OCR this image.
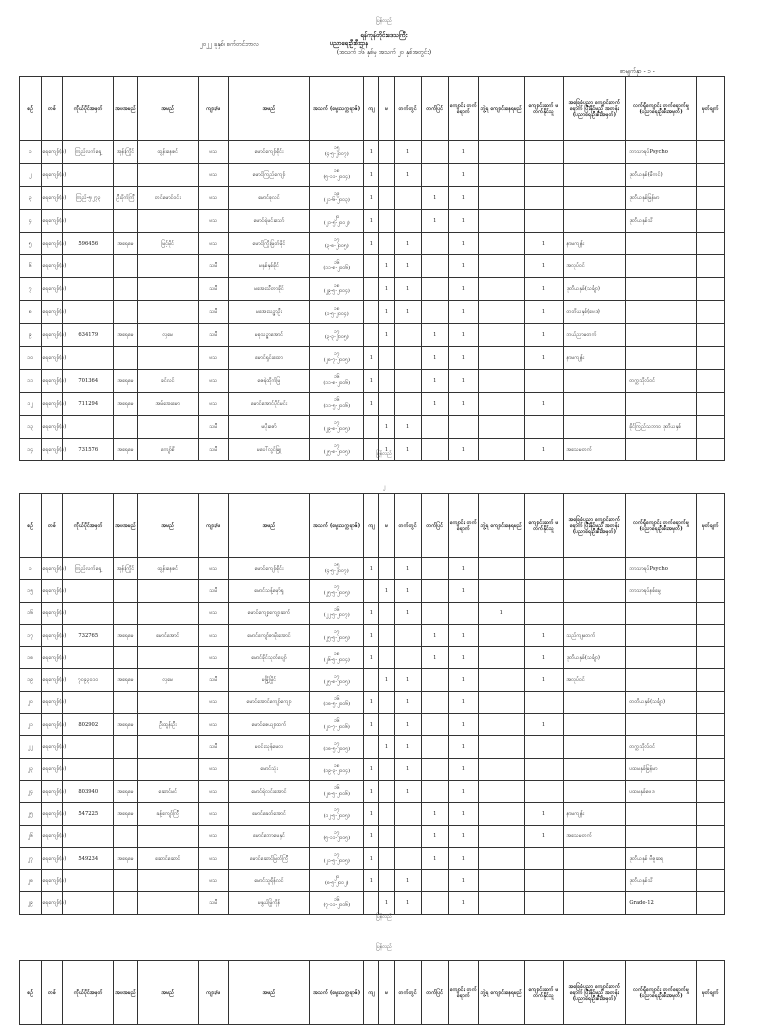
ပြန်လည်
ရန်ကုန်တိုင်းဒေသကြီး
၂၀၂၂ ခုနှစ်၊ စက်တင်ဘာလ	ပညာရေးဦးစီးဌာန
(အသက် ၁၆ နှစ်မှ အသက် ၂၀ နှစ်အတွင်း)
စာမျက်နှာ - ၁ -
စဉ်	တစ်	ကိုယ်ပိုင်အမှတ်	အဖအမည်	အမည်	ကျား/မ	အမည်	အသက် (မွေးသက္ကရာဇ်)	ကျ	မ	တက်တွင်	တက်ပြင်	ကျောင်း တက်ရောက်	ဘွဲ့ရ ကျောင်းနေရမည်	ကျောင်းဆက် မတက်နိုင်သူ	အခြေခံပညာ ကျောင်းတက်ရောက် ပြီးနိုင်မည့် အတန်း (ပညာရေးဦးစီးအမှတ်)	လက်ရှိကျောင်း တက်ရောက်မှု (ပညာရေးဦးစီးအမှတ်)	မှတ်ချက်
၁	ရေကျော်(၁)	ကြည်လက်ရှေ့	အုန်းကြိုင်	ထွန်းနေဇင်	ဗသ	မောင်ကျော်စိုင်း	၁၅
(၄-၅-၂၀၀၇)	1		1		1				ဘာသာရပ်Psycho	
၂	ရေကျော်(၁)				ဗသ	မောင်ကြည်ကျော်	၁၈
(၅-၁၁-၂၀၀၄)	1		1		1				ဒုတိယနှစ်(မီကင်)	
၃	ရေကျော်(၁)	ကြည်-၅၊၂၇၃	ဦးပိုက်ကြီ	တင်မောင်ဝင်း	ဗသ	မောင်စုလင်	၁၉
(၂၁-၆-၂၀၀၃)	1			1	1				ဒုတိယနှစ်မြန်မာ	
၄	ရေကျော်(၁)				ဗသ	မောင်ရဲမင်းသော်	၂၀
(၂၁-၅-၂၀၀၂)	1			1	1				ဒုတိယနှစ်သိ	
၅	ရေကျော်(၁)	596456	အရေမေ	မြင့်မိုင်	ဗသ	မောင်ကြိုးမြတ်မိုင်	၁၇
(၃-၈-၂၀၀၅)	1		1		1		1	နာမကျန်း		
၆	ရေကျော်(၁)				သမီ	မနှစ်နှစ်ခိုင်	၁၆
(၁၁-၈-၂၀၀၆)		1	1		1		1	အလုပ်ဝင်		
၇	ရေကျော်(၁)				သမီ	မအေးသီတာခိုင်	၁၈
(၂၉-၅-၂၀၀၄)		1	1		1		1	ဒုတိယနှစ်(သင်္ချာ)		
၈	ရေကျော်(၁)				သမီ	မအေးသဉ္ဇာဦး	၁၈
(၁-၅-၂၀၀၄)		1	1		1		1	တတိယနှစ်(ဗေဒ)		
၉	ရေကျော်(၁)	634179	အရေမေ	လှမေ	သမီ	မစုသဉ္ဇာအောင်	၁၇
(၃-၃-၂၀၀၅)		1		1	1		1	ဘယ်ညာမတက်		
၁၀	ရေကျော်(၁)				ဗသ	မောင်ရှင်းထော	၁၇
(၂၈-၇-၂၀၀၅)	1			1	1		1	နာမကျန်း		
၁၁	ရေကျော်(၁)	701364	အရေမေ	ခင်လင်	ဗသ	ဇေရဲထိုက်မြ	၁၆
(၁၁-၈-၂၀၀၆)	1			1	1				တက္ကသိုလ်ဝင်	
၁၂	ရေကျော်(၁)	711294	အရေမေ	အမ်အေးမော	ဗသ	မောင်အောင်ပိုင်မင်း	၁၆
(၁၁-၅-၂၀၀၆)	1			1	1		1			
၁၃	ရေကျော်(၁)				သမီ	မပိုးဇော်	၁၇
(၂၉-၈-၂၀၀၅)		1	1						ခိုင်ကြည်သဘာဝ ဒုတိယနှစ်	
၁၄	ရေကျော်(၁)	731576	အရေမေ	ကျော်စိ	သမီ	မပေါ်လွင်မြူ	၁၇
(၂၅-၈-၂၀၀၅)		1	1		1		1	အသေမတက်		
ပြန်လည်
၂
စဉ်	တစ်	ကိုယ်ပိုင်အမှတ်	အဖအမည်	အမည်	ကျား/မ	အမည်	အသက် (မွေးသက္ကရာဇ်)	ကျ	မ	တက်တွင်	တက်ပြင်	ကျောင်း တက်ရောက်	ဘွဲ့ရ ကျောင်းနေရမည်	ကျောင်းဆက် မတက်နိုင်သူ	အခြေခံပညာ ကျောင်းတက်ရောက် ပြီးနိုင်မည့် အတန်း (ပညာရေးဦးစီးအမှတ်)	လက်ရှိကျောင်း တက်ရောက်မှု (ပညာရေးဦးစီးအမှတ်)	မှတ်ချက်
၁	ရေကျော်(၁)	ကြည်လက်ရှေ့	အုန်းကြိုင်	ထွန်းနေဇင်	ဗသ	မောင်ကျော်စိုင်း	၁၅
(၄-၅-၂၀၀၇)	1		1		1				ဘာသာရပ်Psycho	
၁၅	ရေကျော်(၁)				သမီ	မောင်သန့်မှော်ရှ	၁၇
(၂၅-၅-၂၀၀၅)		1	1		1				ဘာသာရပ်နစ်မွေ	
၁၆	ရေကျော်(၁)				ဗသ	မောင်ကျော့ကျော့ဆက်	၁၆
(၂၂-၅-၂၀၀၇)	1		1			1				
၁၇	ရေကျော်(၁)	732765	အရေမေ	မောင်အောင်	ဗသ	မောင်ကျော်စာမိုးအောင်	၁၇
(၂၅-၅-၂၀၀၅)	1			1	1		1	သည်ကျမတက်		
၁၈	ရေကျော်(၁)				ဗသ	မောင်ခိုင်သုတ်ပျော်	၁၈
(၂၆-၅-၂၀၀၄)	1			1	1		1	ဒုတိယနှစ်(သင်္ချာ)		
၁၉	ရေကျော်(၁)	၇၀၉၃၀၁၀	အရေမေ	လှမေ	သမီ	မမြို့မြိုင်	၁၇
(၂၅-၈-၂၀၀၅)		1	1		1		1	အလုပ်ဝင်		
၂၀	ရေကျော်(၁)				ဗသ	မောင်အောင်ကျော်ကျော	၁၆
(၁၈-၅-၂၀၀၆)	1		1		1				တတိယနှစ်(သင်္ချာ)	
၂၁	ရေကျော်(၁)	802902	အရေမေ	ဦးထွန်းဦး	ဗသ	မောင်ဇေယျာထက်	၁၆
(၂၀-၇-၂၀၀၆)	1		1		1		1			
၂၂	ရေကျော်(၁)				သမီ	မဝင်းသုန်မေလ	၁၇
(၁၈-၅-၂၀၀၅)		1	1		1				တက္ကသိုလ်ဝင်	
၂၃	ရေကျော်(၁)				ဗသ	မောင်သုံး	၁၈
(၁၉-၃-၂၀၀၄)	1		1		1				ပထမနှစ်မြန်မာ	
၂၄	ရေကျော်(၁)	803940	အရေမေ	ဆောင်မင်	ဗသ	မောင်ရဲလင်းအောင်	၁၆
(၂၈-၅-၂၀၀၆)	1		1		1				ပထမနှစ်ဗေဒ	
၂၅	ရေကျော်(၁)	547225	အရေမေ	ခန့်ကျော်ကြီ	ဗသ	မောင်ခေတ်အောင်	၁၇
(၁၂-၅-၂၀၀၅)	1			1	1		1	နာမကျန်း		
၂၆	ရေကျော်(၁)				ဗသ	မောင်ဘောမေနှင်	၁၇
(၅-၁၁-၂၀၀၅)	1			1	1		1	အသေမတက်		
၂၇	ရေကျော်(၁)	549234	အရေမေ	ဆောင်ဆောင်	ဗသ	မောင်ဆောင်မြတ်ကြီ	၁၇
(၂၁-၅-၂၀၀၅)	1			1	1				ဒုတိယနှစ် ဗီဇူဆရ	
၂၈	ရေကျော်(၁)				ဗသ	မောင်သူရိန်လင်	၂၀
(၈-၅-၂၀၀၂)	1		1		1				ဒုတိယနှစ်သိ	
၂၉	ရေကျော်(၁)				သမီ	မနွယ်မြုံကိုန်	၁၆
(၇-၁၁-၂၀၀၆)		1	1		1				Grade-12	
ပြန်လည်
ပြန်လည်
စဉ်	တစ်	ကိုယ်ပိုင်အမှတ်	အဖအမည်	အမည်	ကျား/မ	အမည်	အသက် (မွေးသက္ကရာဇ်)	ကျ	မ	တက်တွင်	တက်ပြင်	ကျောင်း တက်ရောက်	ဘွဲ့ရ ကျောင်းနေရမည်	ကျောင်းဆက် မတက်နိုင်သူ	အခြေခံပညာ ကျောင်းတက်ရောက် ပြီးနိုင်မည့် အတန်း (ပညာရေးဦးစီးအမှတ်)	လက်ရှိကျောင်း တက်ရောက်မှု (ပညာရေးဦးစီးအမှတ်)	မှတ်ချက်
